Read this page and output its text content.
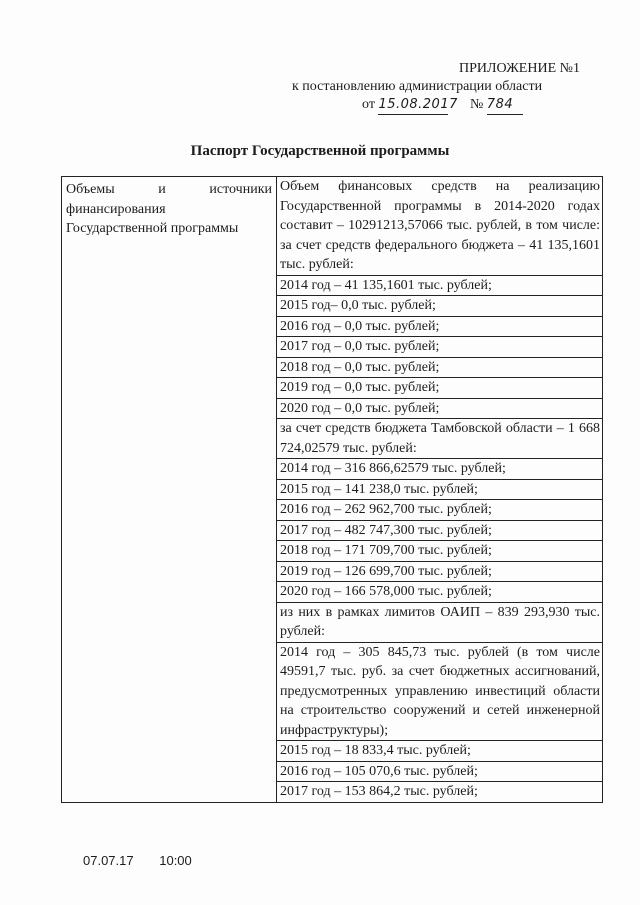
ПРИЛОЖЕНИЕ №1
к постановлению администрации области
от 15.08.2017 № 784
Паспорт Государственной программы
Объемы и источники
финансирования
Государственной программы

Объем финансовых средств на реализацию Государственной программы в 2014-2020 годах составит – 10291213,57066 тыс. рублей, в том числе: за счет средств федерального бюджета – 41 135,1601 тыс. рублей:
2014 год – 41 135,1601 тыс. рублей;
2015 год– 0,0 тыс. рублей;
2016 год – 0,0 тыс. рублей;
2017 год – 0,0 тыс. рублей;
2018 год – 0,0 тыс. рублей;
2019 год – 0,0 тыс. рублей;
2020 год – 0,0 тыс. рублей;
за счет средств бюджета Тамбовской области – 1 668 724,02579 тыс. рублей:
2014 год – 316 866,62579 тыс. рублей;
2015 год – 141 238,0 тыс. рублей;
2016 год – 262 962,700 тыс. рублей;
2017 год – 482 747,300 тыс. рублей;
2018 год – 171 709,700 тыс. рублей;
2019 год – 126 699,700 тыс. рублей;
2020 год – 166 578,000 тыс. рублей;
из них в рамках лимитов ОАИП – 839 293,930 тыс. рублей:
2014 год – 305 845,73 тыс. рублей (в том числе 49591,7 тыс. руб. за счет бюджетных ассигнований, предусмотренных управлению инвестиций области на строительство сооружений и сетей инженерной инфраструктуры);
2015 год – 18 833,4 тыс. рублей;
2016 год – 105 070,6 тыс. рублей;
2017 год – 153 864,2 тыс. рублей;
07.07.17 10:00
